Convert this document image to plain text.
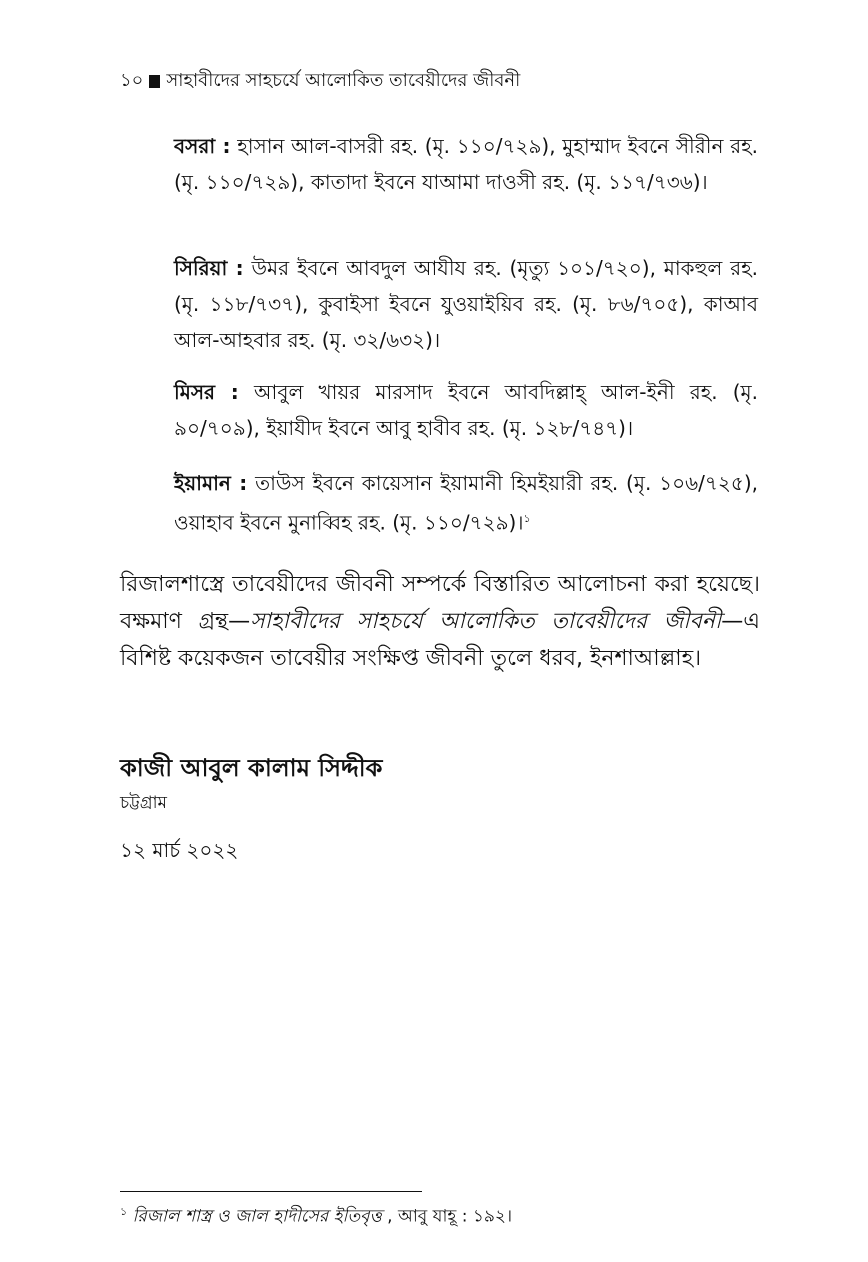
১০ সাহাবীদের সাহচর্যে আলোকিত তাবেয়ীদের জীবনী
বসরা : হাসান আল-বাসরী রহ. (মৃ. ১১০/৭২৯), মুহাম্মাদ ইবনে সীরীন রহ. (মৃ. ১১০/৭২৯), কাতাদা ইবনে যাআমা দাওসী রহ. (মৃ. ১১৭/৭৩৬)।
সিরিয়া : উমর ইবনে আবদুল আযীয রহ. (মৃত্যু ১০১/৭২০), মাকহুল রহ. (মৃ. ১১৮/৭৩৭), কুবাইসা ইবনে যুওয়াইয়িব রহ. (মৃ. ৮৬/৭০৫), কাআব আল-আহবার রহ. (মৃ. ৩২/৬৩২)।
মিসর : আবুল খায়র মারসাদ ইবনে আবদিল্লাহ্ আল-ইনী রহ. (মৃ. ৯০/৭০৯), ইয়াযীদ ইবনে আবু হাবীব রহ. (মৃ. ১২৮/৭৪৭)।
ইয়ামান : তাউস ইবনে কায়েসান ইয়ামানী হিমইয়ারী রহ. (মৃ. ১০৬/৭২৫), ওয়াহাব ইবনে মুনাব্বিহ রহ. (মৃ. ১১০/৭২৯)।$^১$
রিজালশাস্ত্রে তাবেয়ীদের জীবনী সম্পর্কে বিস্তারিত আলোচনা করা হয়েছে। বক্ষমাণ গ্রন্থ—সাহাবীদের সাহচর্যে আলোকিত তাবেয়ীদের জীবনী—এ বিশিষ্ট কয়েকজন তাবেয়ীর সংক্ষিপ্ত জীবনী তুলে ধরব, ইনশাআল্লাহ।
কাজী আবুল কালাম সিদ্দীক
চট্টগ্রাম
১২ মার্চ ২০২২
$^১$ রিজাল শাস্ত্র ও জাল হাদীসের ইতিবৃত্ত , আবু যাহূ : ১৯২।
